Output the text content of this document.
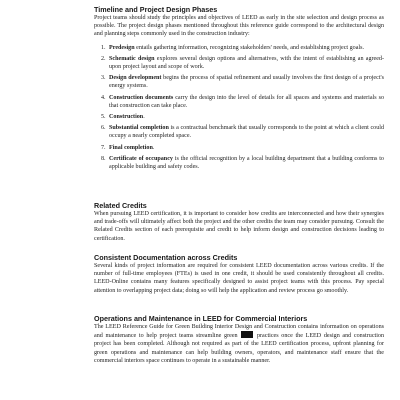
Timeline and Project Design Phases

Project teams should study the principles and objectives of LEED as early in the site selection and design process as possible. The project design phases mentioned throughout this reference guide correspond to the architectural design and planning steps commonly used in the construction industry:

1. Predesign entails gathering information, recognizing stakeholders' needs, and establishing project goals.
2. Schematic design explores several design options and alternatives, with the intent of establishing an agreed-upon project layout and scope of work.
3. Design development begins the process of spatial refinement and usually involves the first design of a project's energy systems.
4. Construction documents carry the design into the level of details for all spaces and systems and materials so that construction can take place.
5. Construction.
6. Substantial completion is a contractual benchmark that usually corresponds to the point at which a client could occupy a nearly completed space.
7. Final completion.
8. Certificate of occupancy is the official recognition by a local building department that a building conforms to applicable building and safety codes.
Related Credits

When pursuing LEED certification, it is important to consider how credits are interconnected and how their synergies and trade-offs will ultimately affect both the project and the other credits the team may consider pursuing. Consult the Related Credits section of each prerequisite and credit to help inform design and construction decisions leading to certification.

Consistent Documentation across Credits

Several kinds of project information are required for consistent LEED documentation across various credits. If the number of full-time employees (FTEs) is used in one credit, it should be used consistently throughout all credits. LEED-Online contains many features specifically designed to assist project teams with this process. Pay special attention to overlapping project data; doing so will help the application and review process go smoothly.

Operations and Maintenance in LEED for Commercial Interiors

The LEED Reference Guide for Green Building Interior Design and Construction contains information on operations and maintenance to help project teams streamline green	practices once the LEED design and construction project has been completed. Although not required as part of the LEED certification process, upfront planning for green operations and maintenance can help building owners, operators, and maintenance staff ensure that the commercial interiors space continues to operate in a sustainable manner.
